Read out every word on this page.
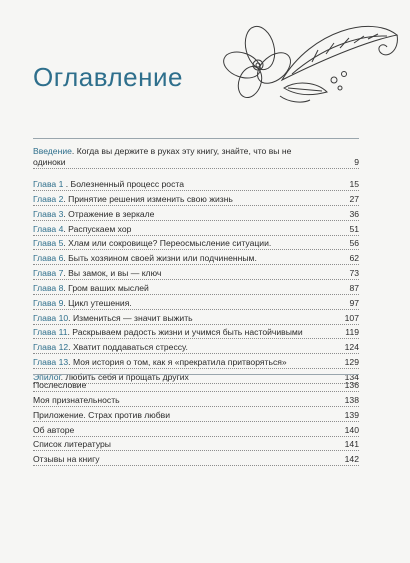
Оглавление
Введение. Когда вы держите в руках эту книгу, знайте, что вы не
одиноки	9
Глава 1 . Болезненный процесс роста	15
Глава 2. Принятие решения изменить свою жизнь	27
Глава 3. Отражение в зеркале	36
Глава 4. Распускаем хор	51
Глава 5. Хлам или сокровище? Переосмысление ситуации.	56
Глава 6. Быть хозяином своей жизни или подчиненным.	62
Глава 7. Вы замок, и вы — ключ	73
Глава 8. Гром ваших мыслей	87
Глава 9. Цикл утешения.	97
Глава 10. Измениться — значит выжить	107
Глава 11. Раскрываем радость жизни и учимся быть настойчивыми	119
Глава 12. Хватит поддаваться стрессу.	124
Глава 13. Моя история о том, как я «прекратила притворяться»	129
Эпилог. Любить себя и прощать других	134
Послесловие	136
Моя признательность	138
Приложение. Страх против любви	139
Об авторе	140
Список литературы	141
Отзывы на книгу	142
